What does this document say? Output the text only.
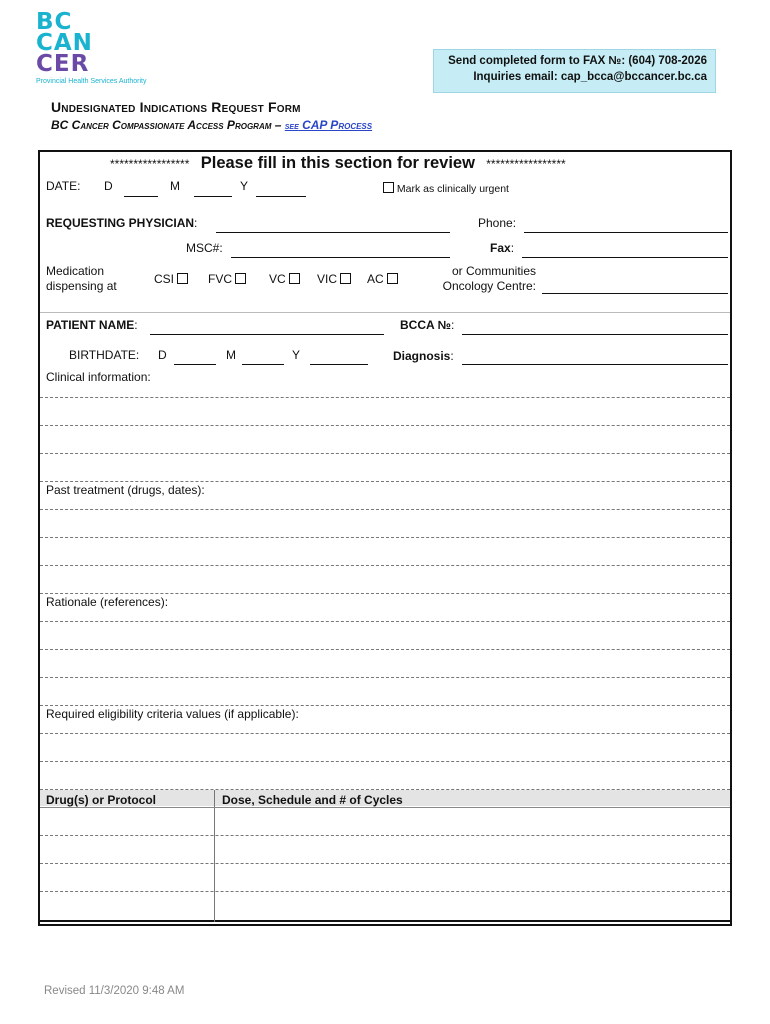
BC
CAN
CER
Provincial Health Services Authority
Send completed form to FAX №: (604) 708-2026
Inquiries email: cap_bcca@bccancer.bc.ca
Undesignated Indications Request Form
BC Cancer Compassionate Access Program – see CAP Process
***************** Please fill in this section for review *****************
DATE: D	M	Y	Mark as clinically urgent
REQUESTING PHYSICIAN:	Phone:
MSC#:	Fax:
Medication
dispensing at	CSI	FVC	VC	VIC	AC
or Communities
Oncology Centre:
PATIENT NAME:	BCCA №:
BIRTHDATE: D	M	Y	Diagnosis:
Clinical information:
Past treatment (drugs, dates):
Rationale (references):
Required eligibility criteria values (if applicable):
Drug(s) or Protocol	Dose, Schedule and # of Cycles
Revised 11/3/2020 9:48 AM
